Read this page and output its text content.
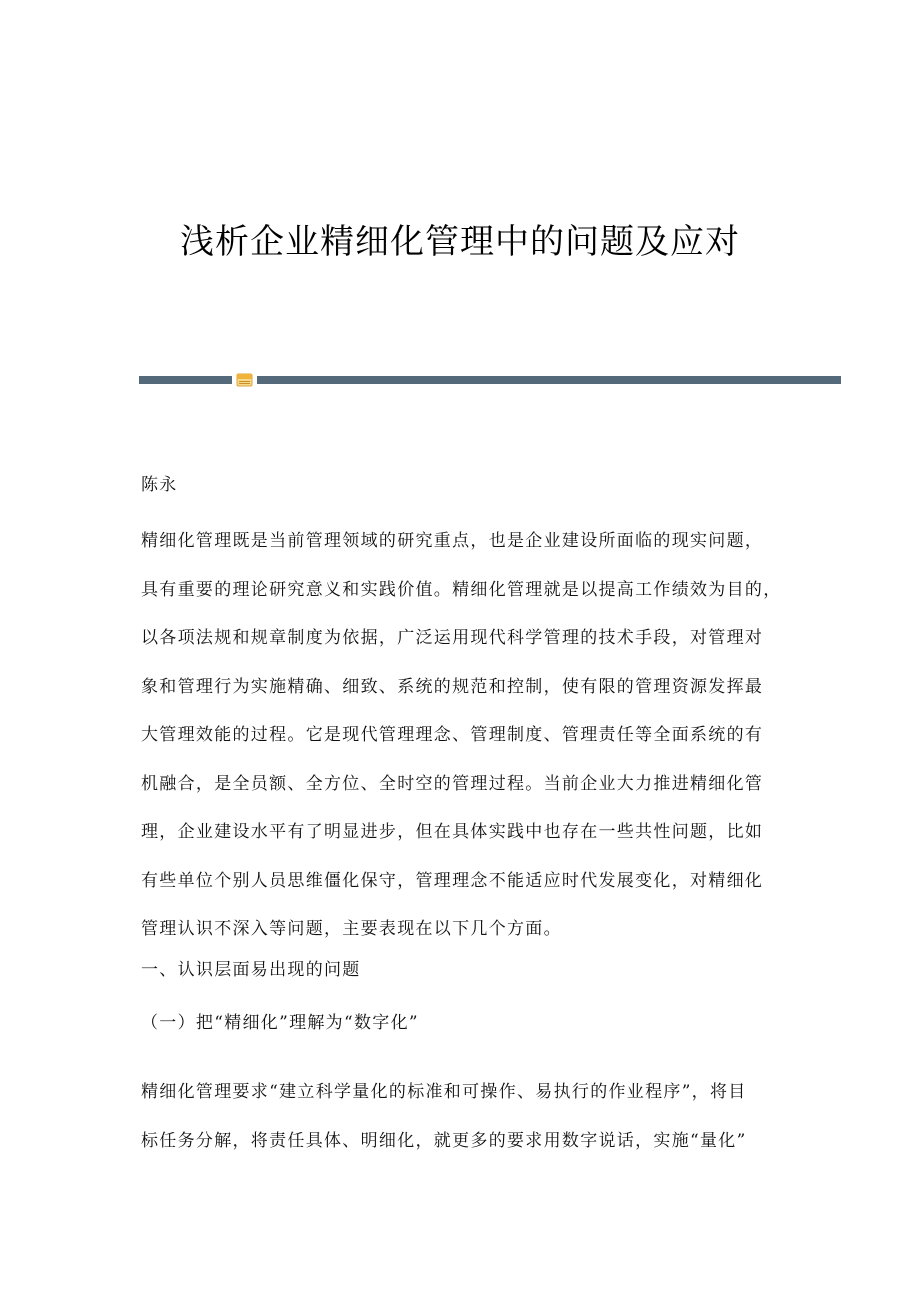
浅析企业精细化管理中的问题及应对
陈永
精细化管理既是当前管理领域的研究重点，也是企业建设所面临的现实问题，
具有重要的理论研究意义和实践价值。精细化管理就是以提高工作绩效为目的，
以各项法规和规章制度为依据，广泛运用现代科学管理的技术手段，对管理对
象和管理行为实施精确、细致、系统的规范和控制，使有限的管理资源发挥最
大管理效能的过程。它是现代管理理念、管理制度、管理责任等全面系统的有
机融合，是全员额、全方位、全时空的管理过程。当前企业大力推进精细化管
理，企业建设水平有了明显进步，但在具体实践中也存在一些共性问题，比如
有些单位个别人员思维僵化保守，管理理念不能适应时代发展变化，对精细化
管理认识不深入等问题，主要表现在以下几个方面。
一、认识层面易出现的问题
（一）把“精细化”理解为“数字化”
精细化管理要求“建立科学量化的标准和可操作、易执行的作业程序”，将目
标任务分解，将责任具体、明细化，就更多的要求用数字说话，实施“量化”
